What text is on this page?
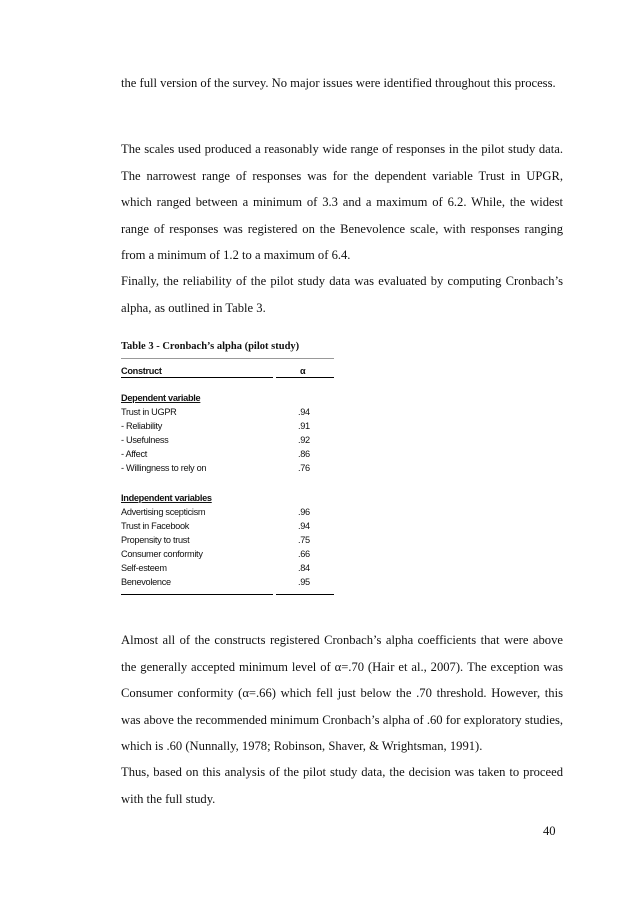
the full version of the survey. No major issues were identified throughout this process.

The scales used produced a reasonably wide range of responses in the pilot study data. The narrowest range of responses was for the dependent variable Trust in UPGR, which ranged between a minimum of 3.3 and a maximum of 6.2. While, the widest range of responses was registered on the Benevolence scale, with responses ranging from a minimum of 1.2 to a maximum of 6.4.

Finally, the reliability of the pilot study data was evaluated by computing Cronbach’s alpha, as outlined in Table 3.

Table 3 - Cronbach’s alpha (pilot study)

Construct	α
Dependent variable
Trust in UGPR	.94
- Reliability	.91
- Usefulness	.92
- Affect	.86
- Willingness to rely on	.76
Independent variables
Advertising scepticism	.96
Trust in Facebook	.94
Propensity to trust	.75
Consumer conformity	.66
Self-esteem	.84
Benevolence	.95

Almost all of the constructs registered Cronbach’s alpha coefficients that were above the generally accepted minimum level of α=.70 (Hair et al., 2007). The exception was Consumer conformity (α=.66) which fell just below the .70 threshold. However, this was above the recommended minimum Cronbach’s alpha of .60 for exploratory studies, which is .60 (Nunnally, 1978; Robinson, Shaver, & Wrightsman, 1991).

Thus, based on this analysis of the pilot study data, the decision was taken to proceed with the full study.

40
